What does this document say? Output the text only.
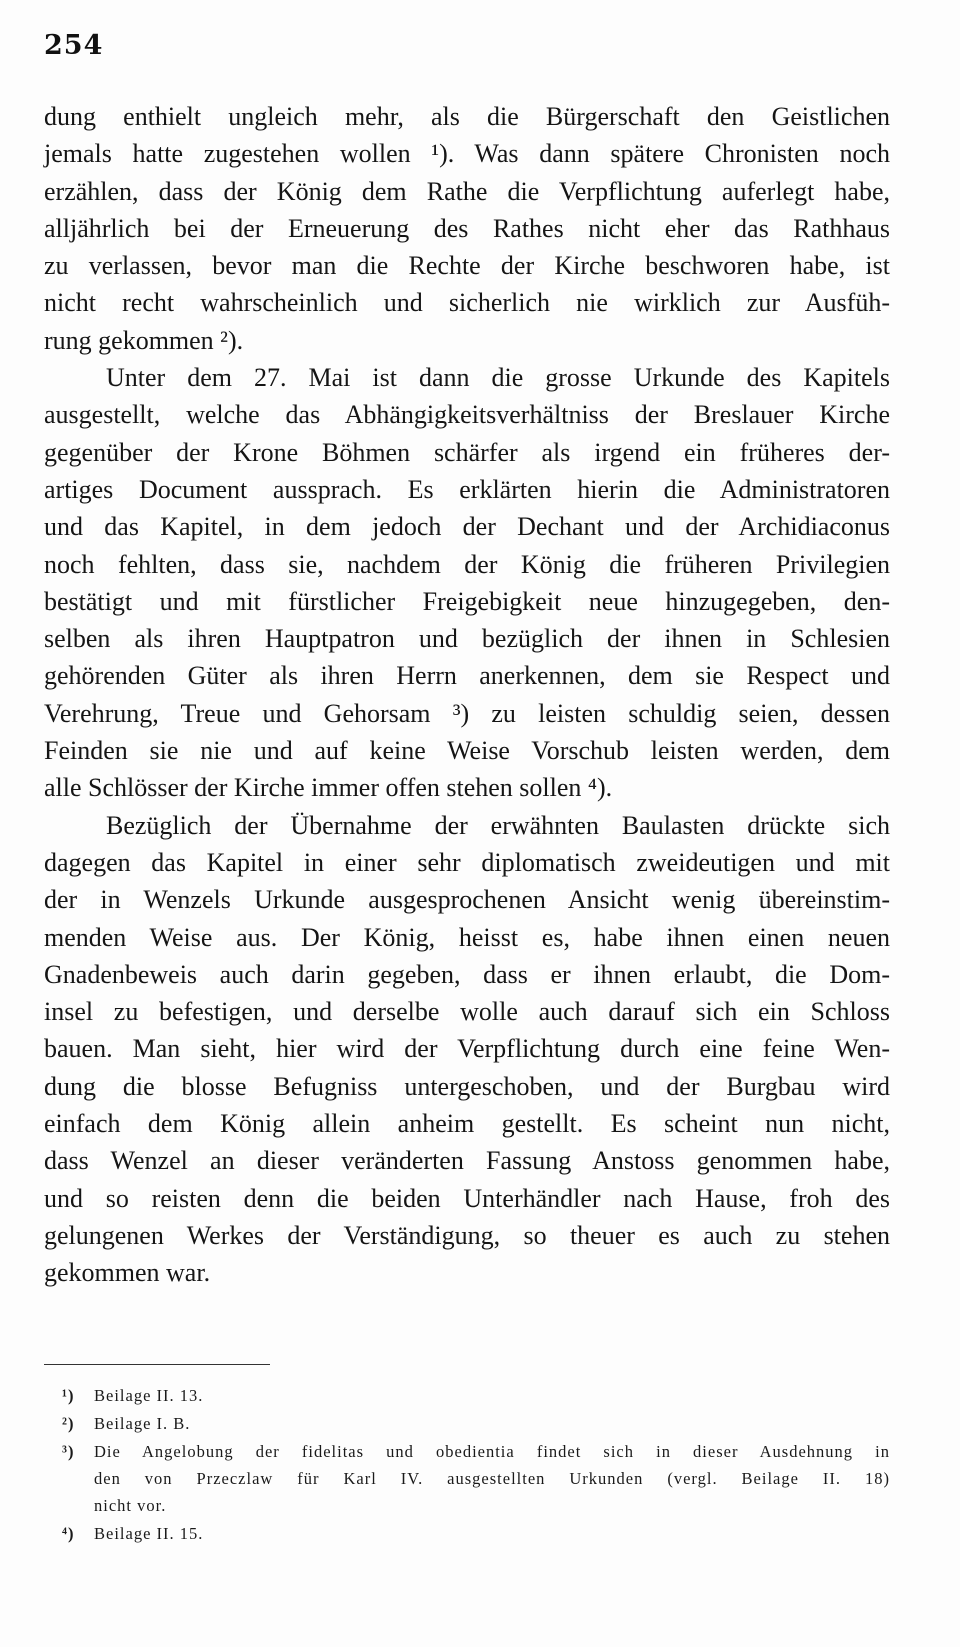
254
dung enthielt ungleich mehr, als die Bürgerschaft den Geistlichen
jemals hatte zugestehen wollen ¹). Was dann spätere Chronisten noch
erzählen, dass der König dem Rathe die Verpflichtung auferlegt habe,
alljährlich bei der Erneuerung des Rathes nicht eher das Rathhaus
zu verlassen, bevor man die Rechte der Kirche beschworen habe, ist
nicht recht wahrscheinlich und sicherlich nie wirklich zur Ausfüh-
rung gekommen ²).
Unter dem 27. Mai ist dann die grosse Urkunde des Kapitels
ausgestellt, welche das Abhängigkeitsverhältniss der Breslauer Kirche
gegenüber der Krone Böhmen schärfer als irgend ein früheres der-
artiges Document aussprach. Es erklärten hierin die Administratoren
und das Kapitel, in dem jedoch der Dechant und der Archidiaconus
noch fehlten, dass sie, nachdem der König die früheren Privilegien
bestätigt und mit fürstlicher Freigebigkeit neue hinzugegeben, den-
selben als ihren Hauptpatron und bezüglich der ihnen in Schlesien
gehörenden Güter als ihren Herrn anerkennen, dem sie Respect und
Verehrung, Treue und Gehorsam ³) zu leisten schuldig seien, dessen
Feinden sie nie und auf keine Weise Vorschub leisten werden, dem
alle Schlösser der Kirche immer offen stehen sollen ⁴).
Bezüglich der Übernahme der erwähnten Baulasten drückte sich
dagegen das Kapitel in einer sehr diplomatisch zweideutigen und mit
der in Wenzels Urkunde ausgesprochenen Ansicht wenig übereinstim-
menden Weise aus. Der König, heisst es, habe ihnen einen neuen
Gnadenbeweis auch darin gegeben, dass er ihnen erlaubt, die Dom-
insel zu befestigen, und derselbe wolle auch darauf sich ein Schloss
bauen. Man sieht, hier wird der Verpflichtung durch eine feine Wen-
dung die blosse Befugniss untergeschoben, und der Burgbau wird
einfach dem König allein anheim gestellt. Es scheint nun nicht,
dass Wenzel an dieser veränderten Fassung Anstoss genommen habe,
und so reisten denn die beiden Unterhändler nach Hause, froh des
gelungenen Werkes der Verständigung, so theuer es auch zu stehen
gekommen war.
¹) Beilage II. 13.
²) Beilage I. B.
³) Die Angelobung der fidelitas und obedientia findet sich in dieser Ausdehnung in
den von Przeczlaw für Karl IV. ausgestellten Urkunden (vergl. Beilage II. 18)
nicht vor.
⁴) Beilage II. 15.
